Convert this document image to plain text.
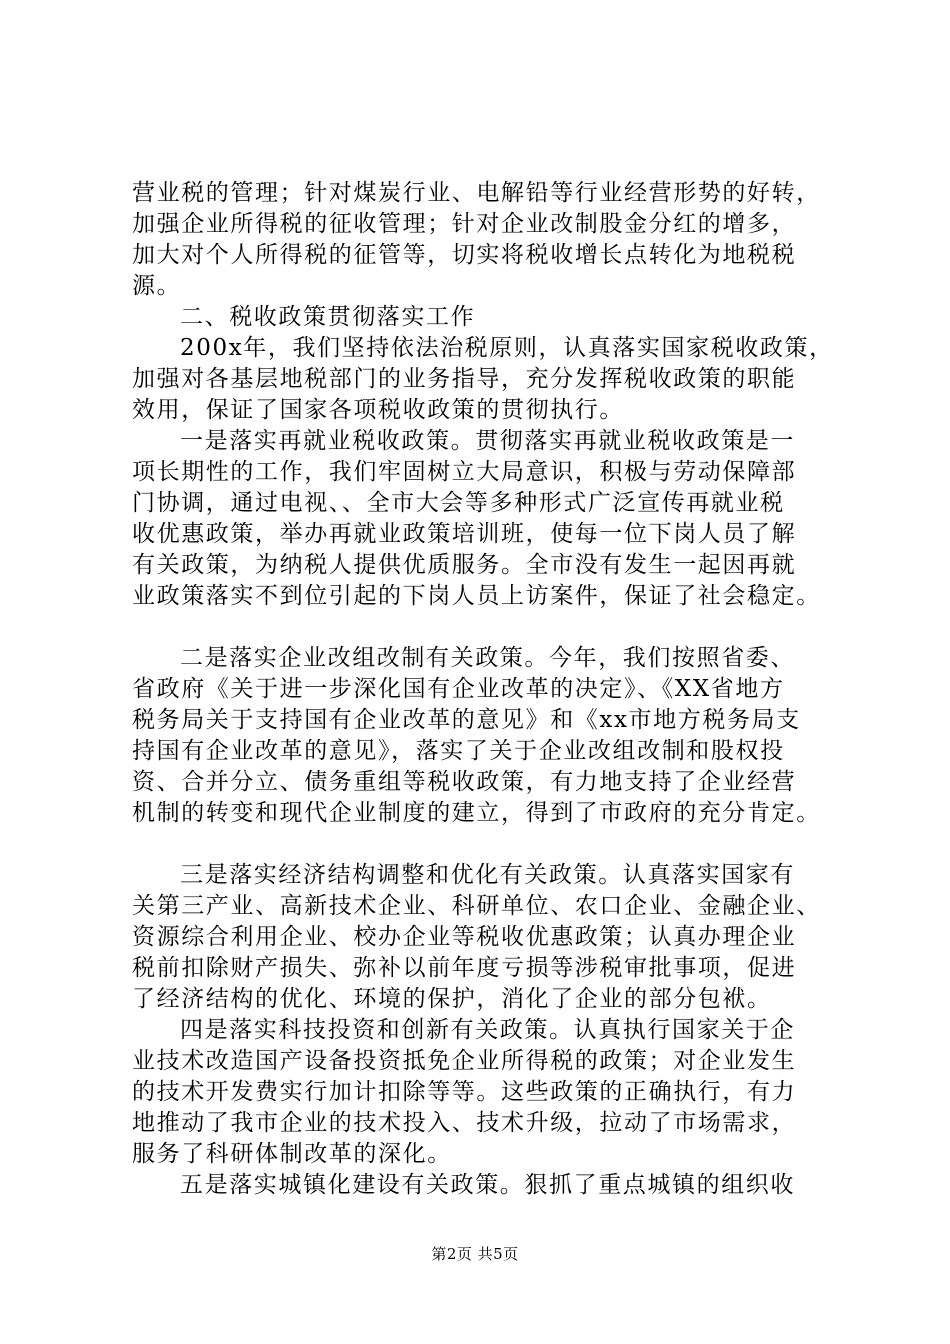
营业税的管理；针对煤炭行业、电解铅等行业经营形势的好转，
加强企业所得税的征收管理；针对企业改制股金分红的增多，
加大对个人所得税的征管等，切实将税收增长点转化为地税税
源。
二、税收政策贯彻落实工作
200x年，我们坚持依法治税原则，认真落实国家税收政策，
加强对各基层地税部门的业务指导，充分发挥税收政策的职能
效用，保证了国家各项税收政策的贯彻执行。
一是落实再就业税收政策。贯彻落实再就业税收政策是一
项长期性的工作，我们牢固树立大局意识，积极与劳动保障部
门协调，通过电视、、全市大会等多种形式广泛宣传再就业税
收优惠政策，举办再就业政策培训班，使每一位下岗人员了解
有关政策，为纳税人提供优质服务。全市没有发生一起因再就
业政策落实不到位引起的下岗人员上访案件，保证了社会稳定。
二是落实企业改组改制有关政策。今年，我们按照省委、
省政府《关于进一步深化国有企业改革的决定》、《XX省地方
税务局关于支持国有企业改革的意见》和《xx市地方税务局支
持国有企业改革的意见》，落实了关于企业改组改制和股权投
资、合并分立、债务重组等税收政策，有力地支持了企业经营
机制的转变和现代企业制度的建立，得到了市政府的充分肯定。
三是落实经济结构调整和优化有关政策。认真落实国家有
关第三产业、高新技术企业、科研单位、农口企业、金融企业、
资源综合利用企业、校办企业等税收优惠政策；认真办理企业
税前扣除财产损失、弥补以前年度亏损等涉税审批事项，促进
了经济结构的优化、环境的保护，消化了企业的部分包袱。
四是落实科技投资和创新有关政策。认真执行国家关于企
业技术改造国产设备投资抵免企业所得税的政策；对企业发生
的技术开发费实行加计扣除等等。这些政策的正确执行，有力
地推动了我市企业的技术投入、技术升级，拉动了市场需求，
服务了科研体制改革的深化。
五是落实城镇化建设有关政策。狠抓了重点城镇的组织收
第2页 共5页
